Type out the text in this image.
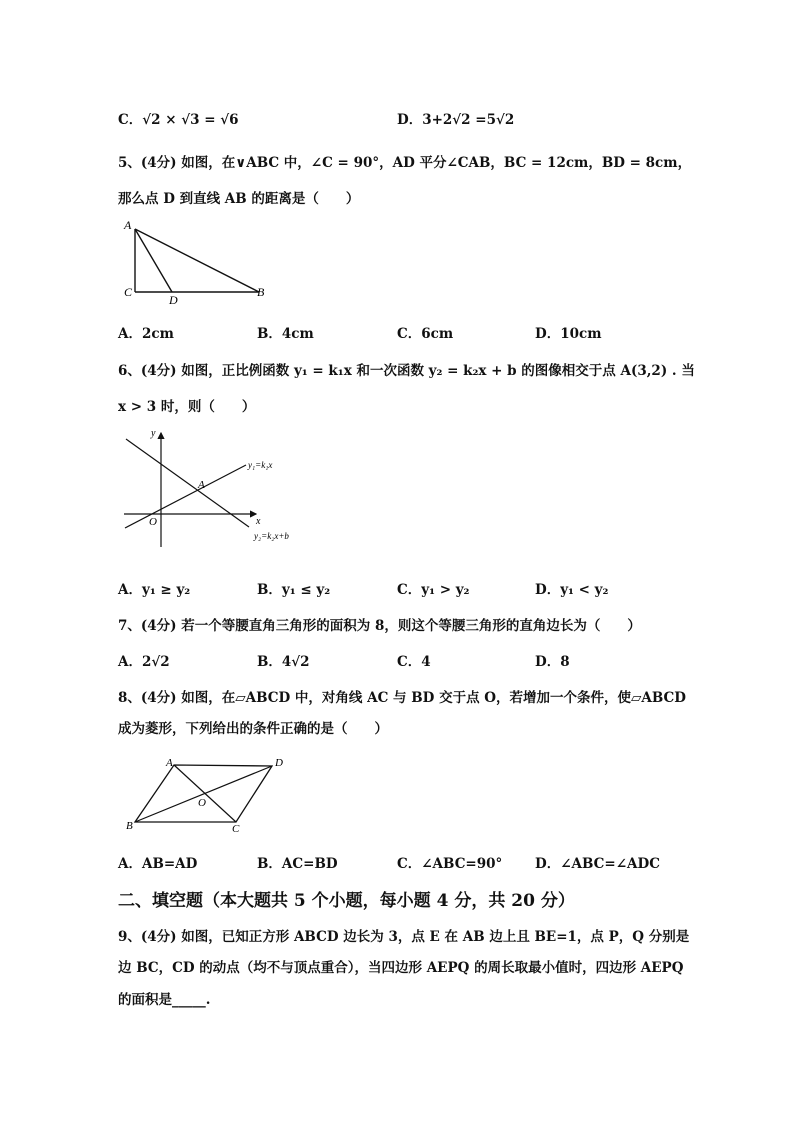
C．√2 × √3 = √6	D．3+2√2 =5√2
5、(4分) 如图，在∨ABC 中，∠C = 90°，AD 平分∠CAB，BC = 12cm，BD = 8cm，
那么点 D 到直线 AB 的距离是（　　）
A
C
D
B
A．2cm	B．4cm	C．6cm	D．10cm
6、(4分) 如图，正比例函数 y₁ = k₁x 和一次函数 y₂ = k₂x + b 的图像相交于点 A(3,2) . 当
x > 3 时，则（　　）
y
x
O
A
y₁=k₁x
y₂=k₂x+b
A．y₁ ≥ y₂	B．y₁ ≤ y₂	C．y₁ > y₂	D．y₁ < y₂
7、(4分) 若一个等腰直角三角形的面积为 8，则这个等腰三角形的直角边长为（　　）
A．2√2	B．4√2	C．4	D．8
8、(4分) 如图，在▱ABCD 中，对角线 AC 与 BD 交于点 O，若增加一个条件，使▱ABCD
成为菱形，下列给出的条件正确的是（　　）
A	D
O
B	C
A．AB=AD	B．AC=BD	C．∠ABC=90° D．∠ABC=∠ADC
二、填空题（本大题共 5 个小题，每小题 4 分，共 20 分）
9、(4分) 如图，已知正方形 ABCD 边长为 3，点 E 在 AB 边上且 BE=1，点 P，Q 分别是
边 BC，CD 的动点（均不与顶点重合），当四边形 AEPQ 的周长取最小值时，四边形 AEPQ
的面积是_____.
